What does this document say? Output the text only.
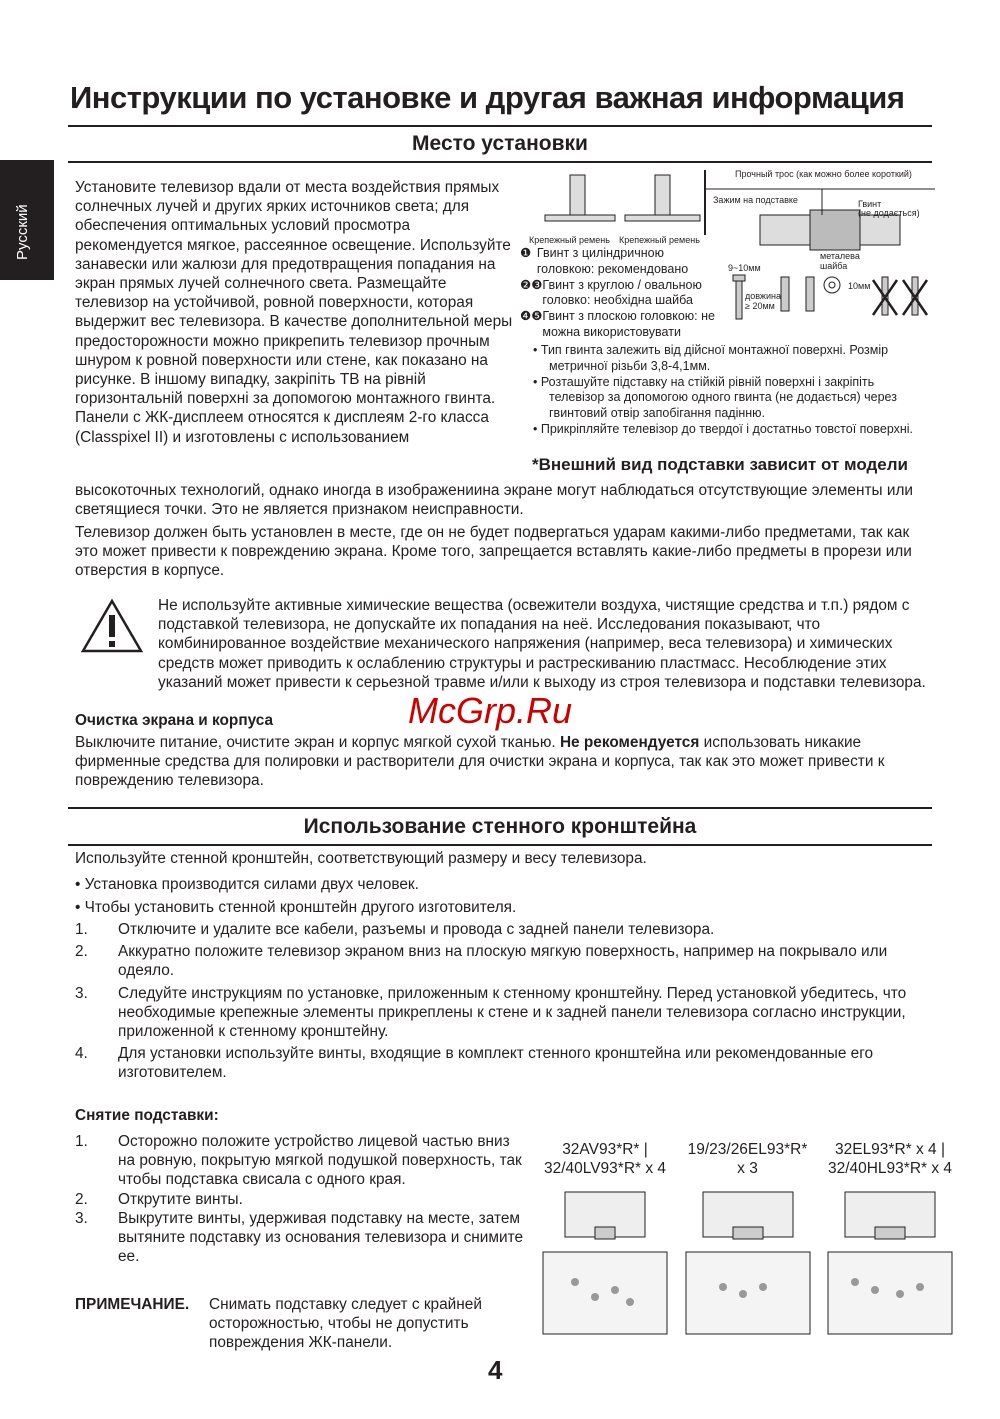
Русский
Инструкции по установке и другая важная информация
Место установки
Установите телевизор вдали от места воздействия прямых солнечных лучей и других ярких источников света; для обеспечения оптимальных условий просмотра рекомендуется мягкое, рассеянное освещение. Используйте занавески или жалюзи для предотвращения попадания на экран прямых лучей солнечного света. Размещайте телевизор на устойчивой, ровной поверхности, которая выдержит вес телевизора. В качестве дополнительной меры предосторожности можно прикрепить телевизор прочным шнуром к ровной поверхности или стене, как показано на рисунке. В іншому випадку, закріпіть ТВ на рівній горизонтальній поверхні за допомогою монтажного гвинта. Панели с ЖК-дисплеем относятся к дисплеям 2-го класса (Classpixel II) и изготовлены с использованием
Прочный трос (как можно более короткий)
Зажим на подставке	Гвинт
(не додається)
Крепежный ремень Крепежный ремень
9~10мм
довжина
≥ 20мм
металева
шайба
10мм
❶ Гвинт з циліндричною головкою: рекомендовано
❷❸ Гвинт з круглою / овальною головко: необхідна шайба
❹❺ Гвинт з плоскою головкою: не можна використовувати
• Тип гвинта залежить від дійсної монтажної поверхні. Розмір метричної різьби 3,8-4,1мм.
• Розташуйте підставку на стійкій рівній поверхні і закріпіть телевізор за допомогою одного гвинта (не додається) через гвинтовий отвір запобігання падінню.
• Прикріпляйте телевізор до твердої і достатньо товстої поверхні.
*Внешний вид подставки зависит от модели
высокоточных технологий, однако иногда в изображениина экране могут наблюдаться отсутствующие элементы или светящиеся точки. Это не является признаком неисправности.
Телевизор должен быть установлен в месте, где он не будет подвергаться ударам какими-либо предметами, так как это может привести к повреждению экрана. Кроме того, запрещается вставлять какие-либо предметы в прорези или отверстия в корпусе.
Не используйте активные химические вещества (освежители воздуха, чистящие средства и т.п.) рядом с подставкой телевизора, не допускайте их попадания на неё. Исследования показывают, что комбинированное воздействие механического напряжения (например, веса телевизора) и химических средств может приводить к ослаблению структуры и растрескиванию пластмасс. Несоблюдение этих указаний может привести к серьезной травме и/или к выходу из строя телевизора и подставки телевизора.
Очистка экрана и корпуса
Выключите питание, очистите экран и корпус мягкой сухой тканью. Не рекомендуется использовать никакие фирменные средства для полировки и растворители для очистки экрана и корпуса, так как это может привести к повреждению телевизора.
McGrp.Ru
Использование стенного кронштейна
Используйте стенной кронштейн, соответствующий размеру и весу телевизора.
• Установка производится силами двух человек.
• Чтобы установить стенной кронштейн другого изготовителя.
1.	Отключите и удалите все кабели, разъемы и провода с задней панели телевизора.
2.	Аккуратно положите телевизор экраном вниз на плоскую мягкую поверхность, например на покрывало или одеяло.
3.	Следуйте инструкциям по установке, приложенным к стенному кронштейну. Перед установкой убедитесь, что необходимые крепежные элементы прикреплены к стене и к задней панели телевизора согласно инструкции, приложенной к стенному кронштейну.
4.	Для установки используйте винты, входящие в комплект стенного кронштейна или рекомендованные его изготовителем.
Снятие подставки:
1.	Осторожно положите устройство лицевой частью вниз на ровную, покрытую мягкой подушкой поверхность, так чтобы подставка свисала с одного края.
2.	Открутите винты.
3.	Выкрутите винты, удерживая подставку на месте, затем вытяните подставку из основания телевизора и снимите ее.
ПРИМЕЧАНИЕ.	Снимать подставку следует с крайней осторожностью, чтобы не допустить повреждения ЖК-панели.
32AV93*R* |
32/40LV93*R* x 4
19/23/26EL93*R*
x 3
32EL93*R* x 4 |
32/40HL93*R* x 4
4
